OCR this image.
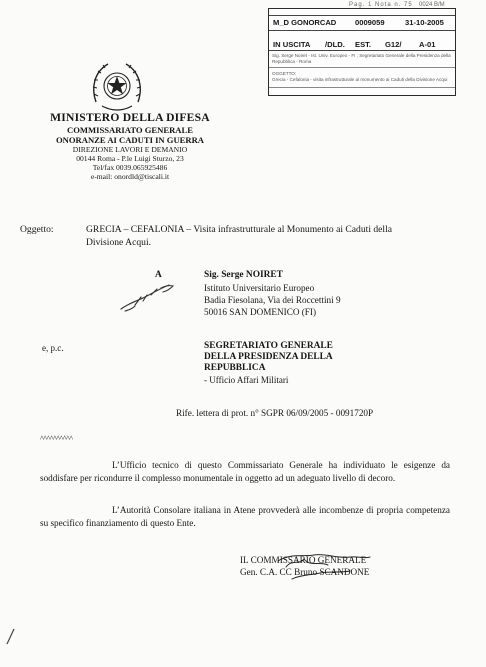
Pag. 1 Nota n. 75 0024 B/M
M_D GONORCAD 0009059	31-10-2005
IN USCITA /DLD. EST. G12/ A-01
Sig. Serge Noiret - Ist. Univ. Europeo - FI ; Segretariato Generale della Presidenza della
Repubblica - Roma
OGGETTO:
Grecia - Cefalonia - visita infrastrutturale al monumento ai Caduti della Divisione Acqui
MINISTERO DELLA DIFESA
COMMISSARIATO GENERALE
ONORANZE AI CADUTI IN GUERRA
DIREZIONE LAVORI E DEMANIO
00144 Roma - P.le Luigi Sturzo, 23
Tel/fax 0039.065925486
e-mail: onordld@tiscali.it
Oggetto:	GRECIA – CEFALONIA – Visita infrastrutturale al Monumento ai Caduti della
Divisione Acqui.
A	Sig. Serge NOIRET
Istituto Universitario Europeo
Badia Fiesolana, Via dei Roccettini 9
50016 SAN DOMENICO (FI)
e, p.c.	SEGRETARIATO GENERALE
DELLA PRESIDENZA DELLA
REPUBBLICA
- Ufficio Affari Militari
Rife. lettera di prot. n° SGPR 06/09/2005 - 0091720P
^^^^^^^^^^
L’Ufficio tecnico di questo Commissariato Generale ha individuato le esigenze da soddisfare per ricondurre il complesso monumentale in oggetto ad un adeguato livello di decoro.
L’Autorità Consolare italiana in Atene provvederà alle incombenze di propria competenza su specifico finanziamento di questo Ente.
IL COMMISSARIO GENERALE
Gen. C.A. CC Bruno SCANDONE
